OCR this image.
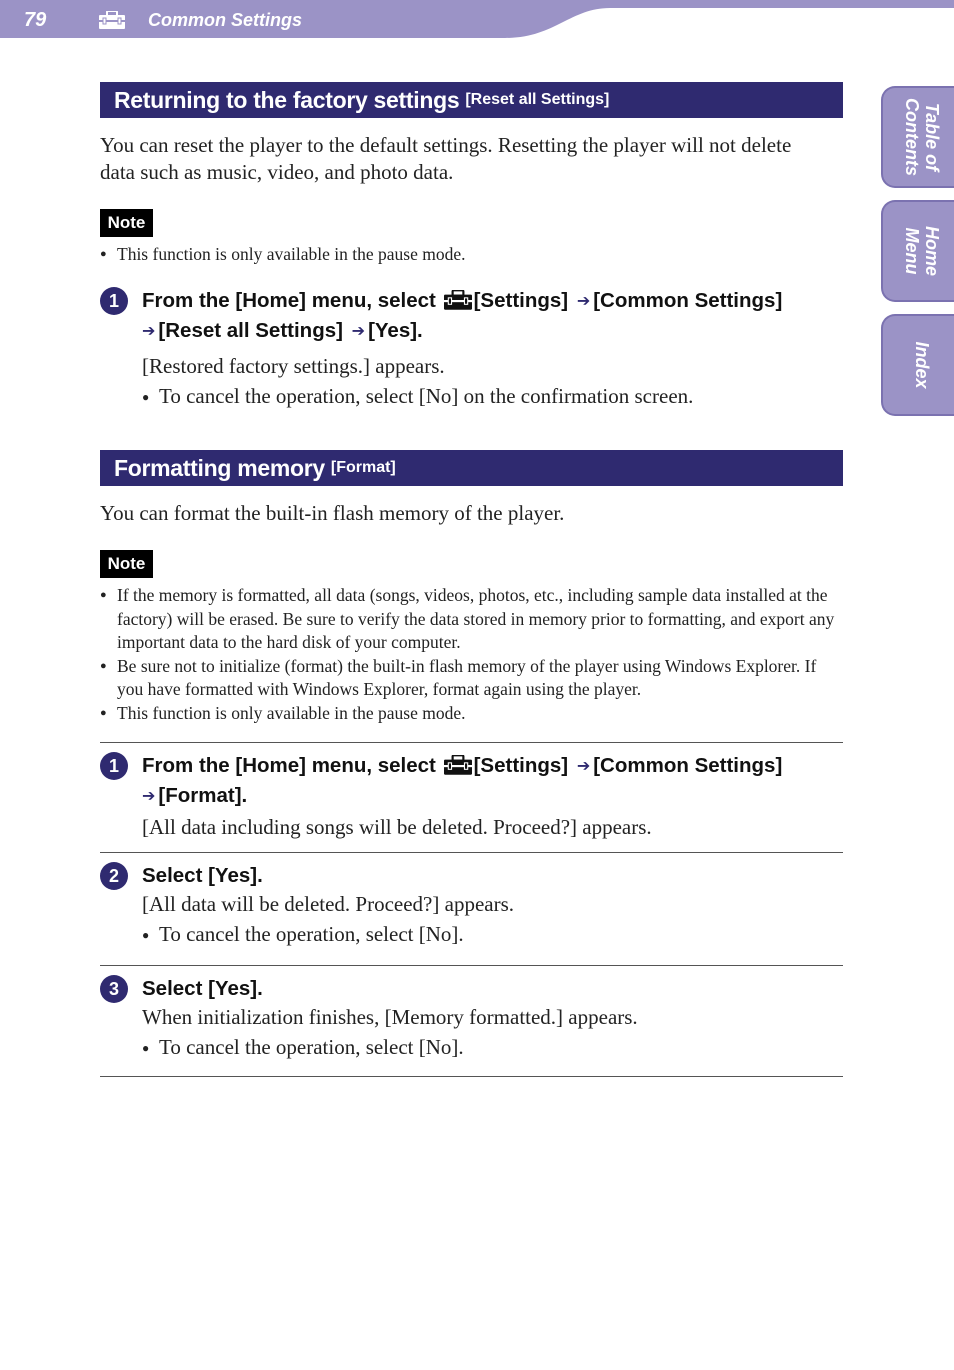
79	Common Settings
Table of
Contents
Home
Menu
Index
Returning to the factory settings [Reset all Settings]
You can reset the player to the default settings. Resetting the player will not delete data such as music, video, and photo data.
Note
● This function is only available in the pause mode.
1	From the [Home] menu, select [Settings] ➔ [Common Settings]
➔ [Reset all Settings] ➔ [Yes].
[Restored factory settings.] appears.
● To cancel the operation, select [No] on the confirmation screen.
Formatting memory [Format]
You can format the built-in flash memory of the player.
Note
● If the memory is formatted, all data (songs, videos, photos, etc., including sample data installed at the factory) will be erased. Be sure to verify the data stored in memory prior to formatting, and export any important data to the hard disk of your computer.
● Be sure not to initialize (format) the built-in flash memory of the player using Windows Explorer. If you have formatted with Windows Explorer, format again using the player.
● This function is only available in the pause mode.
1	From the [Home] menu, select [Settings] ➔ [Common Settings]
➔ [Format].
[All data including songs will be deleted. Proceed?] appears.
2	Select [Yes].
[All data will be deleted. Proceed?] appears.
● To cancel the operation, select [No].
3	Select [Yes].
When initialization finishes, [Memory formatted.] appears.
● To cancel the operation, select [No].
